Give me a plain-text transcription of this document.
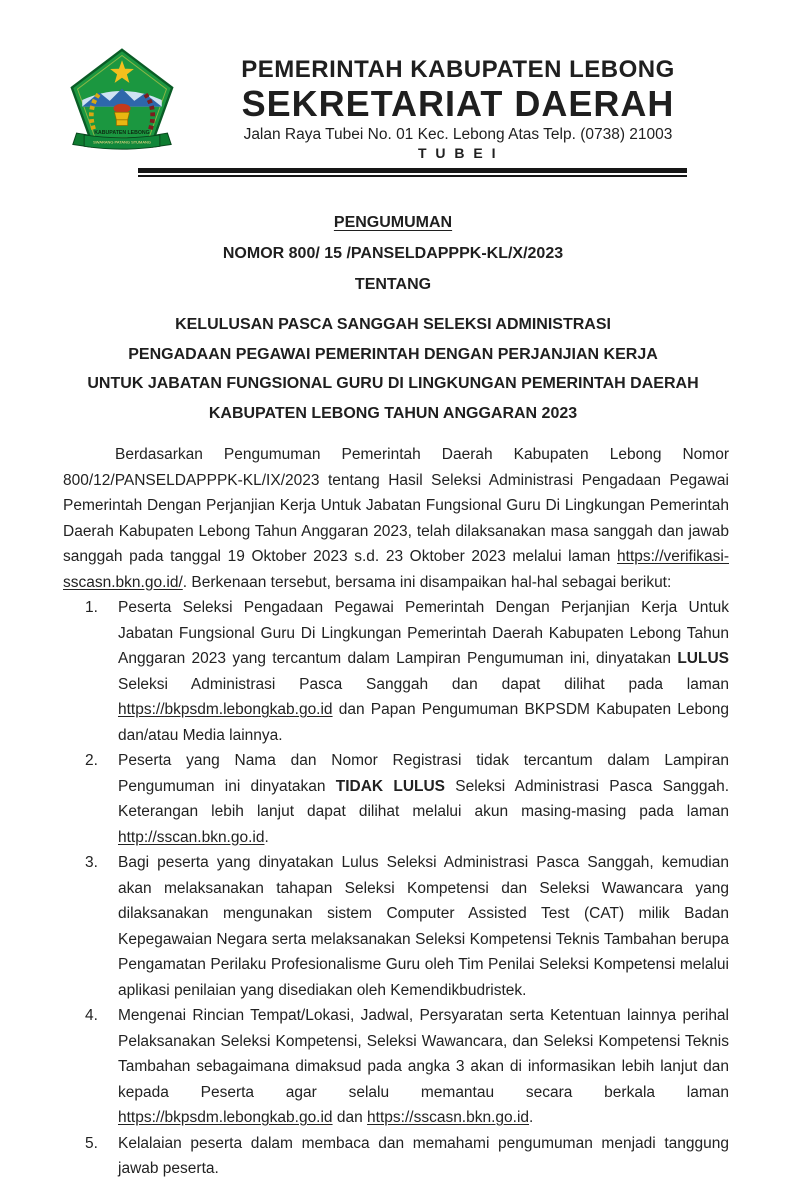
KABUPATEN LEBONG
SWARANG PATANG STUMANG
PEMERINTAH KABUPATEN LEBONG
SEKRETARIAT DAERAH
Jalan Raya Tubei No. 01 Kec. Lebong Atas Telp. (0738) 21003
T U B E I
PENGUMUMAN
NOMOR 800/ 15 /PANSELDAPPPK-KL/X/2023
TENTANG
KELULUSAN PASCA SANGGAH SELEKSI ADMINISTRASI
PENGADAAN PEGAWAI PEMERINTAH DENGAN PERJANJIAN KERJA
UNTUK JABATAN FUNGSIONAL GURU DI LINGKUNGAN PEMERINTAH DAERAH
KABUPATEN LEBONG TAHUN ANGGARAN 2023
Berdasarkan Pengumuman Pemerintah Daerah Kabupaten Lebong Nomor 800/12/PANSELDAPPPK-KL/IX/2023 tentang Hasil Seleksi Administrasi Pengadaan Pegawai Pemerintah Dengan Perjanjian Kerja Untuk Jabatan Fungsional Guru Di Lingkungan Pemerintah Daerah Kabupaten Lebong Tahun Anggaran 2023, telah dilaksanakan masa sanggah dan jawab sanggah pada tanggal 19 Oktober 2023 s.d. 23 Oktober 2023 melalui laman https://verifikasi-sscasn.bkn.go.id/. Berkenaan tersebut, bersama ini disampaikan hal-hal sebagai berikut:
1.	Peserta Seleksi Pengadaan Pegawai Pemerintah Dengan Perjanjian Kerja Untuk Jabatan Fungsional Guru Di Lingkungan Pemerintah Daerah Kabupaten Lebong Tahun Anggaran 2023 yang tercantum dalam Lampiran Pengumuman ini, dinyatakan LULUS Seleksi Administrasi Pasca Sanggah dan dapat dilihat pada laman https://bkpsdm.lebongkab.go.id dan Papan Pengumuman BKPSDM Kabupaten Lebong dan/atau Media lainnya.
2.	Peserta yang Nama dan Nomor Registrasi tidak tercantum dalam Lampiran Pengumuman ini dinyatakan TIDAK LULUS Seleksi Administrasi Pasca Sanggah. Keterangan lebih lanjut dapat dilihat melalui akun masing-masing pada laman http://sscan.bkn.go.id.
3.	Bagi peserta yang dinyatakan Lulus Seleksi Administrasi Pasca Sanggah, kemudian akan melaksanakan tahapan Seleksi Kompetensi dan Seleksi Wawancara yang dilaksanakan mengunakan sistem Computer Assisted Test (CAT) milik Badan Kepegawaian Negara serta melaksanakan Seleksi Kompetensi Teknis Tambahan berupa Pengamatan Perilaku Profesionalisme Guru oleh Tim Penilai Seleksi Kompetensi melalui aplikasi penilaian yang disediakan oleh Kemendikbudristek.
4.	Mengenai Rincian Tempat/Lokasi, Jadwal, Persyaratan serta Ketentuan lainnya perihal Pelaksanakan Seleksi Kompetensi, Seleksi Wawancara, dan Seleksi Kompetensi Teknis Tambahan sebagaimana dimaksud pada angka 3 akan di informasikan lebih lanjut dan kepada Peserta agar selalu memantau secara berkala laman https://bkpsdm.lebongkab.go.id dan https://sscasn.bkn.go.id.
5.	Kelalaian peserta dalam membaca dan memahami pengumuman menjadi tanggung jawab peserta.
